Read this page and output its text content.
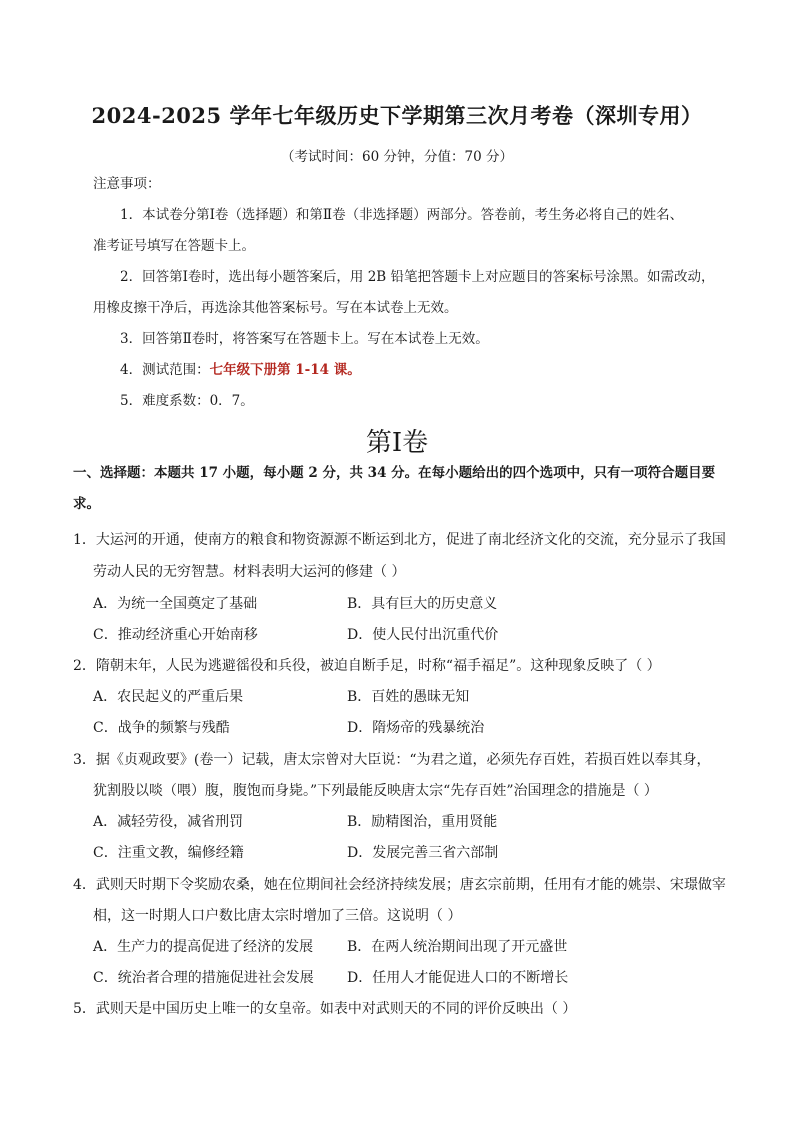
2024-2025 学年七年级历史下学期第三次月考卷（深圳专用）
（考试时间：60 分钟，分值：70 分）
注意事项：
1．本试卷分第Ⅰ卷（选择题）和第Ⅱ卷（非选择题）两部分。答卷前，考生务必将自己的姓名、
准考证号填写在答题卡上。
2．回答第Ⅰ卷时，选出每小题答案后，用 2B 铅笔把答题卡上对应题目的答案标号涂黑。如需改动，
用橡皮擦干净后，再选涂其他答案标号。写在本试卷上无效。
3．回答第Ⅱ卷时，将答案写在答题卡上。写在本试卷上无效。
4．测试范围：七年级下册第 1-14 课。
5．难度系数：0．7。
第Ⅰ卷
一、选择题：本题共 17 小题，每小题 2 分，共 34 分。在每小题给出的四个选项中，只有一项符合题目要
求。
1．大运河的开通，使南方的粮食和物资源源不断运到北方，促进了南北经济文化的交流，充分显示了我国
劳动人民的无穷智慧。材料表明大运河的修建（ ）
A．为统一全国奠定了基础	B．具有巨大的历史意义
C．推动经济重心开始南移	D．使人民付出沉重代价
2．隋朝末年，人民为逃避徭役和兵役，被迫自断手足，时称“福手福足”。这种现象反映了（ ）
A．农民起义的严重后果	B．百姓的愚昧无知
C．战争的频繁与残酷	D．隋炀帝的残暴统治
3．据《贞观政要》(卷一）记载，唐太宗曾对大臣说：“为君之道，必须先存百姓，若损百姓以奉其身，
犹割股以啖（喂）腹，腹饱而身毙。”下列最能反映唐太宗“先存百姓”治国理念的措施是（ ）
A．减轻劳役，减省刑罚	B．励精图治，重用贤能
C．注重文教，编修经籍	D．发展完善三省六部制
4．武则天时期下令奖励农桑，她在位期间社会经济持续发展；唐玄宗前期，任用有才能的姚崇、宋璟做宰
相，这一时期人口户数比唐太宗时增加了三倍。这说明（ ）
A．生产力的提高促进了经济的发展 B．在两人统治期间出现了开元盛世
C．统治者合理的措施促进社会发展 D．任用人才能促进人口的不断增长
5．武则天是中国历史上唯一的女皇帝。如表中对武则天的不同的评价反映出（ ）
